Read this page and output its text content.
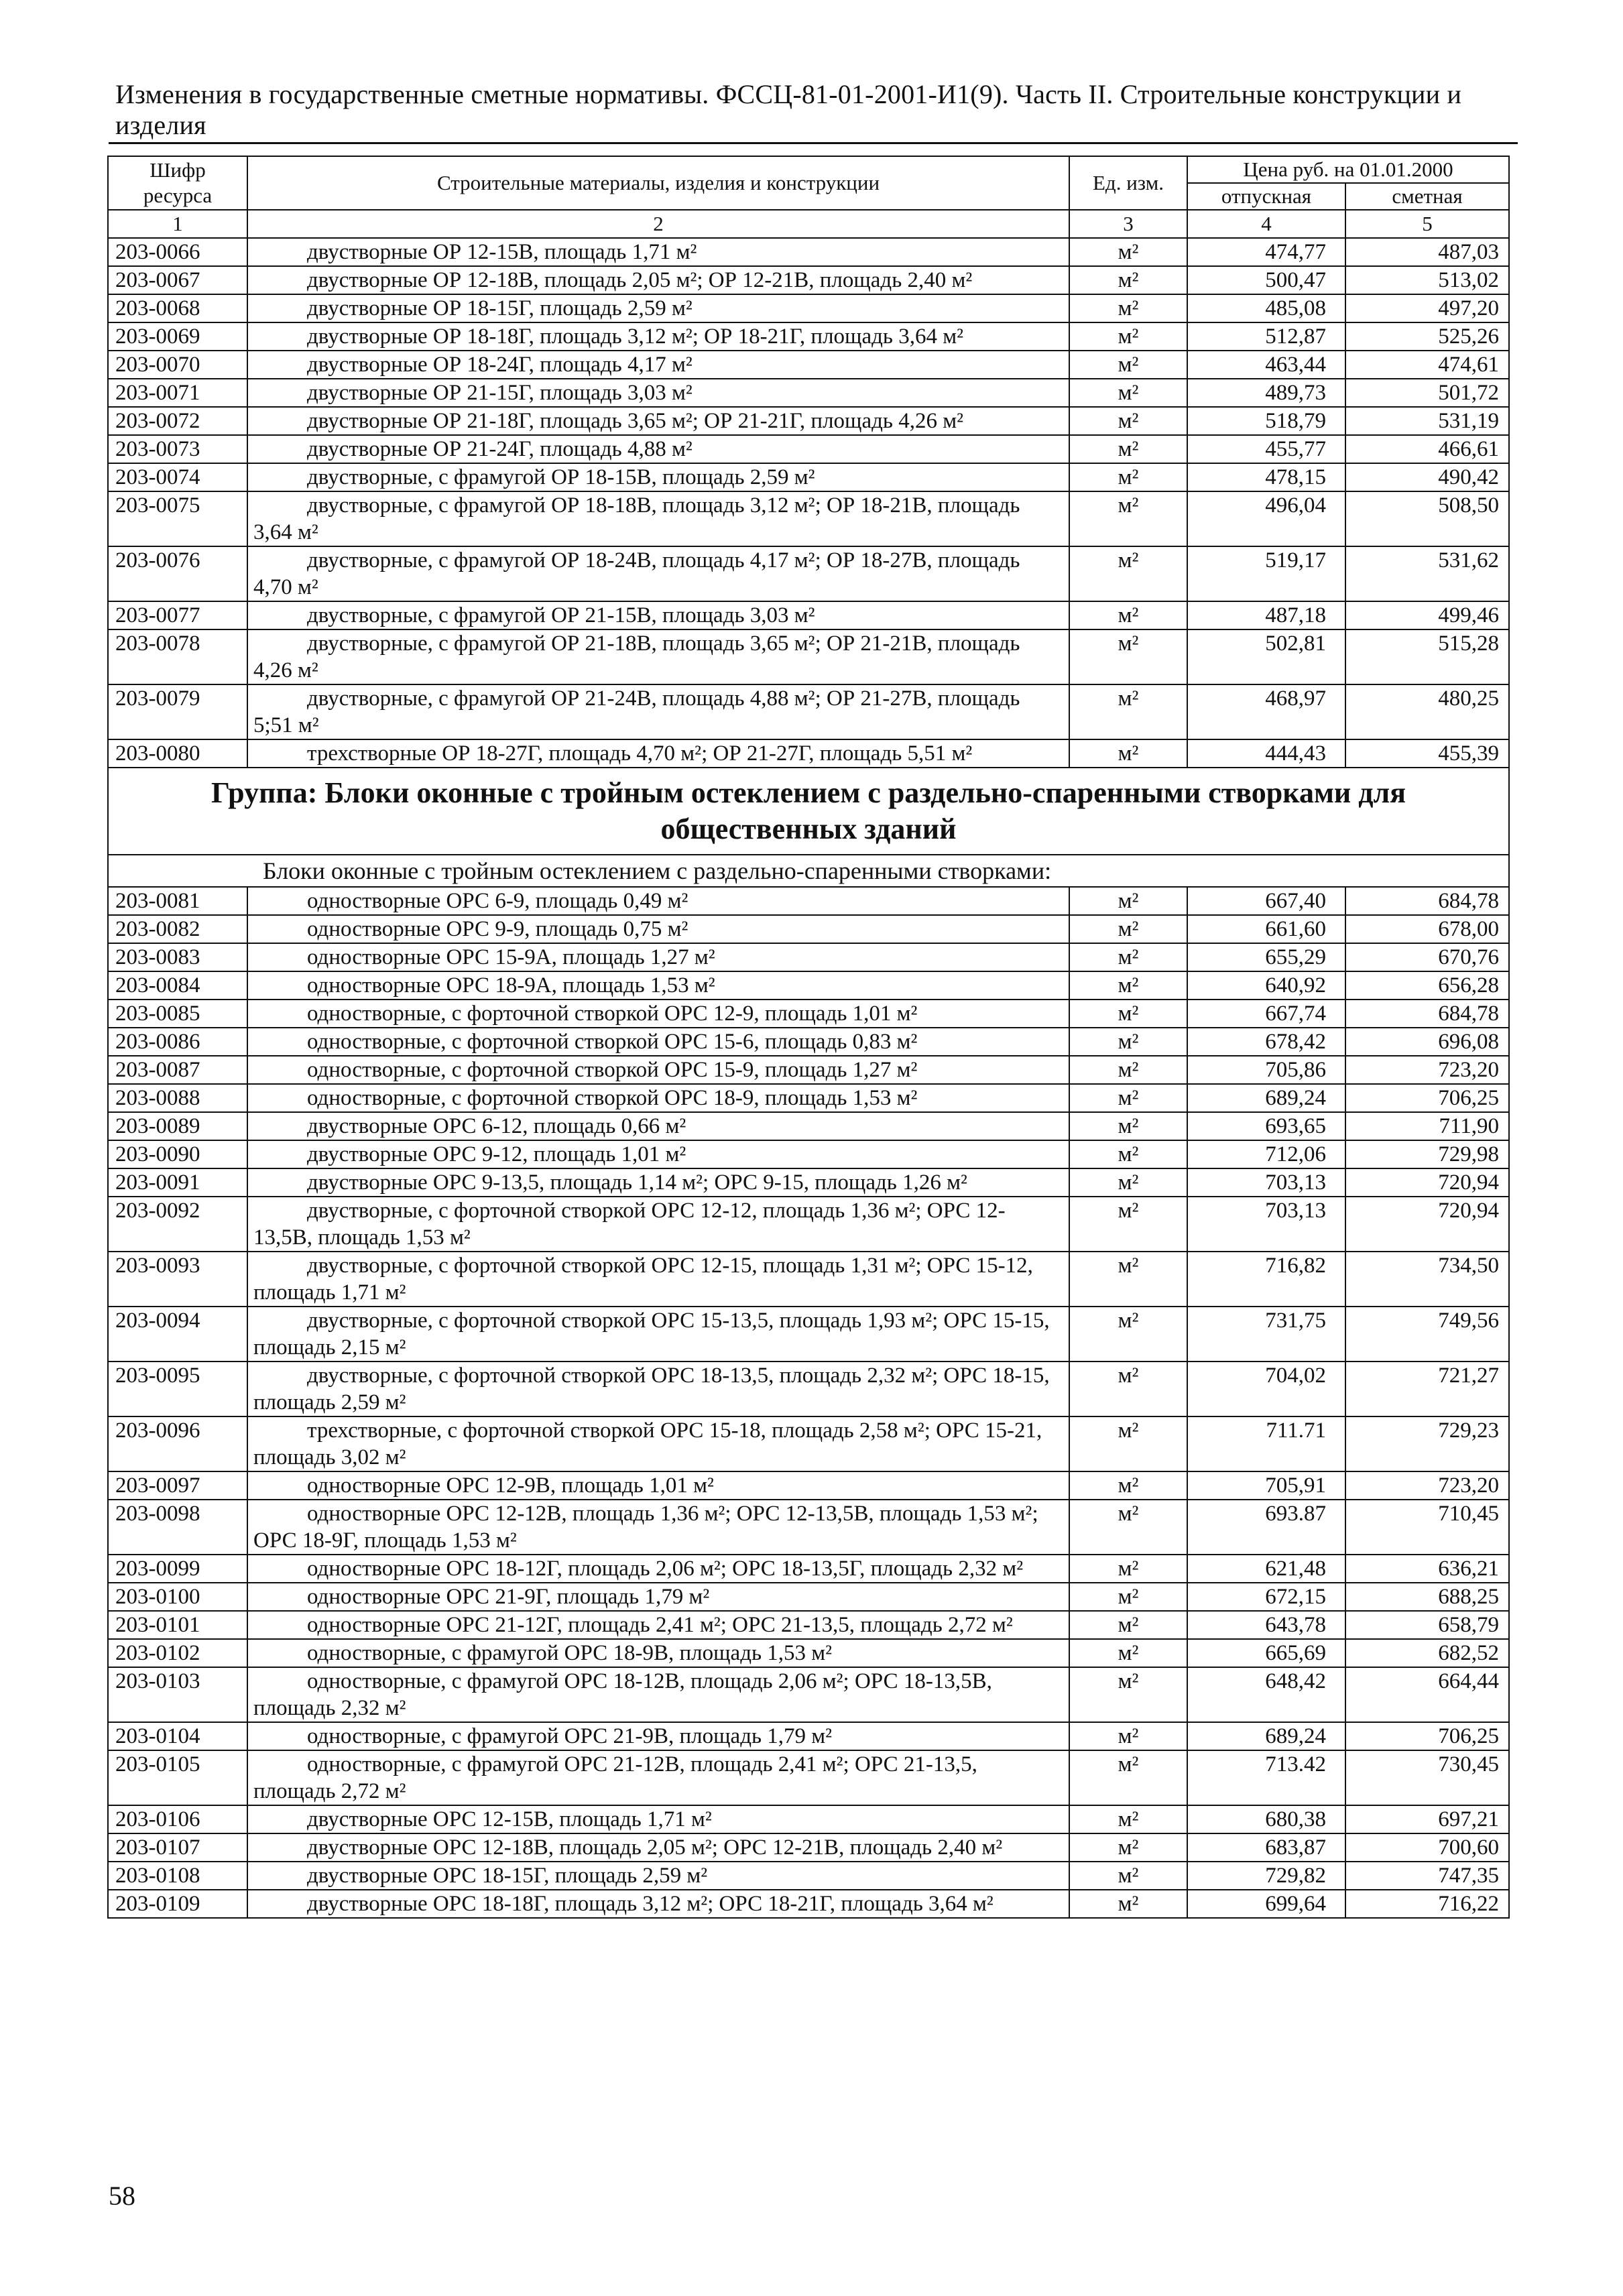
Изменения в государственные сметные нормативы. ФССЦ-81-01-2001-И1(9). Часть II. Строительные конструкции и изделия
Шифр ресурса	Строительные материалы, изделия и конструкции	Ед. изм.	Цена руб. на 01.01.2000	
			отпускная	сметная
1	2	3	4	5
203-0066	двустворные ОР 12-15В, площадь 1,71 м²	м²	474,77	487,03
203-0067	двустворные ОР 12-18В, площадь 2,05 м²; ОР 12-21В, площадь 2,40 м²	м²	500,47	513,02
203-0068	двустворные ОР 18-15Г, площадь 2,59 м²	м²	485,08	497,20
203-0069	двустворные ОР 18-18Г, площадь 3,12 м²; ОР 18-21Г, площадь 3,64 м²	м²	512,87	525,26
203-0070	двустворные ОР 18-24Г, площадь 4,17 м²	м²	463,44	474,61
203-0071	двустворные ОР 21-15Г, площадь 3,03 м²	м²	489,73	501,72
203-0072	двустворные ОР 21-18Г, площадь 3,65 м²; ОР 21-21Г, площадь 4,26 м²	м²	518,79	531,19
203-0073	двустворные ОР 21-24Г, площадь 4,88 м²	м²	455,77	466,61
203-0074	двустворные, с фрамугой ОР 18-15В, площадь 2,59 м²	м²	478,15	490,42
203-0075	двустворные, с фрамугой ОР 18-18В, площадь 3,12 м²; ОР 18-21В, площадь 3,64 м²	м²	496,04	508,50
203-0076	двустворные, с фрамугой ОР 18-24В, площадь 4,17 м²; ОР 18-27В, площадь 4,70 м²	м²	519,17	531,62
203-0077	двустворные, с фрамугой ОР 21-15В, площадь 3,03 м²	м²	487,18	499,46
203-0078	двустворные, с фрамугой ОР 21-18В, площадь 3,65 м²; ОР 21-21В, площадь 4,26 м²	м²	502,81	515,28
203-0079	двустворные, с фрамугой ОР 21-24В, площадь 4,88 м²; ОР 21-27В, площадь 5;51 м²	м²	468,97	480,25
203-0080	трехстворные ОР 18-27Г, площадь 4,70 м²; ОР 21-27Г, площадь 5,51 м²	м²	444,43	455,39
Группа: Блоки оконные с тройным остеклением с раздельно-спаренными створками для общественных зданий				
Блоки оконные с тройным остеклением с раздельно-спаренными створками:				
203-0081	одностворные ОРС 6-9, площадь 0,49 м²	м²	667,40	684,78
203-0082	одностворные ОРС 9-9, площадь 0,75 м²	м²	661,60	678,00
203-0083	одностворные ОРС 15-9А, площадь 1,27 м²	м²	655,29	670,76
203-0084	одностворные ОРС 18-9А, площадь 1,53 м²	м²	640,92	656,28
203-0085	одностворные, с форточной створкой ОРС 12-9, площадь 1,01 м²	м²	667,74	684,78
203-0086	одностворные, с форточной створкой ОРС 15-6, площадь 0,83 м²	м²	678,42	696,08
203-0087	одностворные, с форточной створкой ОРС 15-9, площадь 1,27 м²	м²	705,86	723,20
203-0088	одностворные, с форточной створкой ОРС 18-9, площадь 1,53 м²	м²	689,24	706,25
203-0089	двустворные ОРС 6-12, площадь 0,66 м²	м²	693,65	711,90
203-0090	двустворные ОРС 9-12, площадь 1,01 м²	м²	712,06	729,98
203-0091	двустворные ОРС 9-13,5, площадь 1,14 м²; ОРС 9-15, площадь 1,26 м²	м²	703,13	720,94
203-0092	двустворные, с форточной створкой ОРС 12-12, площадь 1,36 м²; ОРС 12-13,5В, площадь 1,53 м²	м²	703,13	720,94
203-0093	двустворные, с форточной створкой ОРС 12-15, площадь 1,31 м²; ОРС 15-12, площадь 1,71 м²	м²	716,82	734,50
203-0094	двустворные, с форточной створкой ОРС 15-13,5, площадь 1,93 м²; ОРС 15-15, площадь 2,15 м²	м²	731,75	749,56
203-0095	двустворные, с форточной створкой ОРС 18-13,5, площадь 2,32 м²; ОРС 18-15, площадь 2,59 м²	м²	704,02	721,27
203-0096	трехстворные, с форточной створкой ОРС 15-18, площадь 2,58 м²; ОРС 15-21, площадь 3,02 м²	м²	711.71	729,23
203-0097	одностворные ОРС 12-9В, площадь 1,01 м²	м²	705,91	723,20
203-0098	одностворные ОРС 12-12В, площадь 1,36 м²; ОРС 12-13,5В, площадь 1,53 м²; ОРС 18-9Г, площадь 1,53 м²	м²	693.87	710,45
203-0099	одностворные ОРС 18-12Г, площадь 2,06 м²; ОРС 18-13,5Г, площадь 2,32 м²	м²	621,48	636,21
203-0100	одностворные ОРС 21-9Г, площадь 1,79 м²	м²	672,15	688,25
203-0101	одностворные ОРС 21-12Г, площадь 2,41 м²; ОРС 21-13,5, площадь 2,72 м²	м²	643,78	658,79
203-0102	одностворные, с фрамугой ОРС 18-9В, площадь 1,53 м²	м²	665,69	682,52
203-0103	одностворные, с фрамугой ОРС 18-12В, площадь 2,06 м²; ОРС 18-13,5В, площадь 2,32 м²	м²	648,42	664,44
203-0104	одностворные, с фрамугой ОРС 21-9В, площадь 1,79 м²	м²	689,24	706,25
203-0105	одностворные, с фрамугой ОРС 21-12В, площадь 2,41 м²; ОРС 21-13,5, площадь 2,72 м²	м²	713.42	730,45
203-0106	двустворные ОРС 12-15В, площадь 1,71 м²	м²	680,38	697,21
203-0107	двустворные ОРС 12-18В, площадь 2,05 м²; ОРС 12-21В, площадь 2,40 м²	м²	683,87	700,60
203-0108	двустворные ОРС 18-15Г, площадь 2,59 м²	м²	729,82	747,35
203-0109	двустворные ОРС 18-18Г, площадь 3,12 м²; ОРС 18-21Г, площадь 3,64 м²	м²	699,64	716,22
58
